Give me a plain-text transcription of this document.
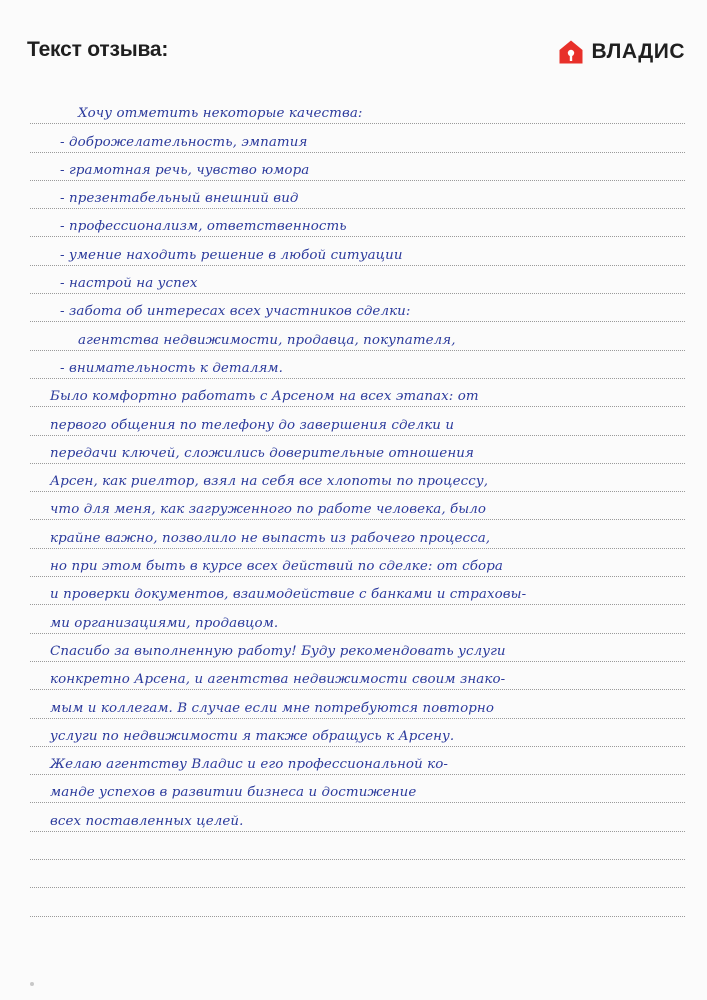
Текст отзыва:	ВЛАДИС
Хочу отметить некоторые качества:
- доброжелательность, эмпатия
- грамотная речь, чувство юмора
- презентабельный внешний вид
- профессионализм, ответственность
- умение находить решение в любой ситуации
- настрой на успех
- забота об интересах всех участников сделки:
агентства недвижимости, продавца, покупателя,
- внимательность к деталям.
Было комфортно работать с Арсеном на всех этапах: от
первого общения по телефону до завершения сделки и
передачи ключей, сложились доверительные отношения
Арсен, как риелтор, взял на себя все хлопоты по процессу,
что для меня, как загруженного по работе человека, было
крайне важно, позволило не выпасть из рабочего процесса,
но при этом быть в курсе всех действий по сделке: от сбора
и проверки документов, взаимодействие с банками и страховы-
ми организациями, продавцом.
Спасибо за выполненную работу! Буду рекомендовать услуги
конкретно Арсена, и агентства недвижимости своим знако-
мым и коллегам. В случае если мне потребуются повторно
услуги по недвижимости я также обращусь к Арсену.
Желаю агентству Владис и его профессиональной ко-
манде успехов в развитии бизнеса и достижение
всех поставленных целей.
